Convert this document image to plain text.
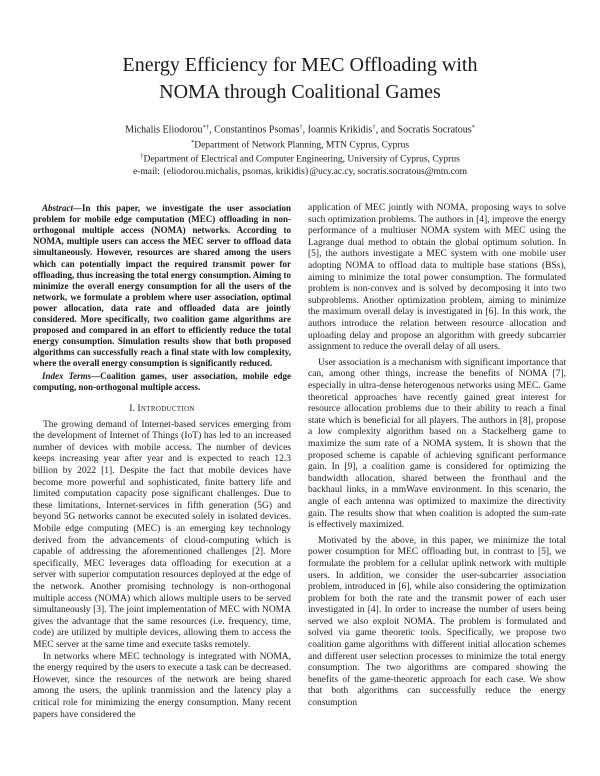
Energy Efficiency for MEC Offloading with
NOMA through Coalitional Games
Michalis Eliodorou*†, Constantinos Psomas†, Ioannis Krikidis†, and Socratis Socratous*
*Department of Network Planning, MTN Cyprus, Cyprus
†Department of Electrical and Computer Engineering, University of Cyprus, Cyprus
e-mail: {eliodorou.michalis, psomas, krikidis}@ucy.ac.cy, socratis.socratous@mtn.com

Abstract—In this paper, we investigate the user association problem for mobile edge computation (MEC) offloading in non-orthogonal multiple access (NOMA) networks. According to NOMA, multiple users can access the MEC server to offload data simultaneously. However, resources are shared among the users which can potentially impact the required transmit power for offloading, thus increasing the total energy consumption. Aiming to minimize the overall energy consumption for all the users of the network, we formulate a problem where user association, optimal power allocation, data rate and offloaded data are jointly considered. More specifically, two coalition game algorithms are proposed and compared in an effort to efficiently reduce the total energy consumption. Simulation results show that both proposed algorithms can successfully reach a final state with low complexity, where the overall energy consumption is significantly reduced.

Index Terms—Coalition games, user association, mobile edge computing, non-orthogonal multiple access.

I. Introduction

The growing demand of Internet-based services emerging from the development of Internet of Things (IoT) has led to an increased number of devices with mobile access. The number of devices keeps increasing year after year and is expected to reach 12.3 billion by 2022 [1]. Despite the fact that mobile devices have become more powerful and sophisticated, finite battery life and limited computation capacity pose significant challenges. Due to these limitations, Internet-services in fifth generation (5G) and beyond 5G networks cannot be executed solely in isolated devices. Mobile edge computing (MEC) is an emerging key technology derived from the advancements of cloud-computing which is capable of addressing the aforementioned challenges [2]. More specifically, MEC leverages data offloading for execution at a server with superior computation resources deployed at the edge of the network. Another promising technology is non-orthogonal multiple access (NOMA) which allows multiple users to be served simultaneously [3]. The joint implementation of MEC with NOMA gives the advantage that the same resources (i.e. frequency, time, code) are utilized by multiple devices, allowing them to access the MEC server at the same time and execute tasks remotely.

In networks where MEC technology is integrated with NOMA, the energy required by the users to execute a task can be decreased. However, since the resources of the network are being shared among the users, the uplink tranmission and the latency play a critical role for minimizing the energy consumption. Many recent papers have considered the

application of MEC jointly with NOMA, proposing ways to solve such optimization problems. The authors in [4], improve the energy performance of a multiuser NOMA system with MEC using the Lagrange dual method to obtain the global optimum solution. In [5], the authors investigate a MEC system with one mobile user adopting NOMA to offload data to multiple base stations (BSs), aiming to minimize the total power consumption. The formulated problem is non-convex and is solved by decomposing it into two subproblems. Another optimization problem, aiming to minimize the maximum overall delay is investigated in [6]. In this work, the authors introduce the relation between resource allocation and uploading delay and propose an algorithm with greedy subcarrier assignment to reduce the overall delay of all users.

User association is a mechanism with significant importance that can, among other things, increase the benefits of NOMA [7], especially in ultra-dense heterogenous networks using MEC. Game theoretical approaches have recently gained great interest for resource allocation problems due to their ability to reach a final state which is beneficial for all players. The authors in [8], propose a low complexity algorithm based on a Stackelberg game to maximize the sum rate of a NOMA system. It is shown that the proposed scheme is capable of achieving sgnificant performance gain. In [9], a coalition game is considered for optimizing the bandwidth allocation, shared between the fronthaul and the backhaul links, in a mmWave environment. In this scenario, the angle of each antenna was optimized to maximize the directivity gain. The results show that when coalition is adopted the sum-rate is effectively maximized.

Motivated by the above, in this paper, we minimize the total power cosumption for MEC offloading but, in contrast to [5], we formulate the problem for a cellular uplink network with multiple users. In addition, we consider the user-subcarrier association problem, introduced in [6], while also considering the optimization problem for both the rate and the transmit power of each user investigated in [4]. In order to increase the number of users being served we also exploit NOMA. The problem is formulated and solved via game theoretic tools. Specifically, we propose two coalition game algorithms with different initial allocation schemes and different user selection processes to minimize the total energy consumption. The two algorithms are compared showing the benefits of the game-theoretic approach for each case. We show that both algorithms can successfully reduce the energy consumption
